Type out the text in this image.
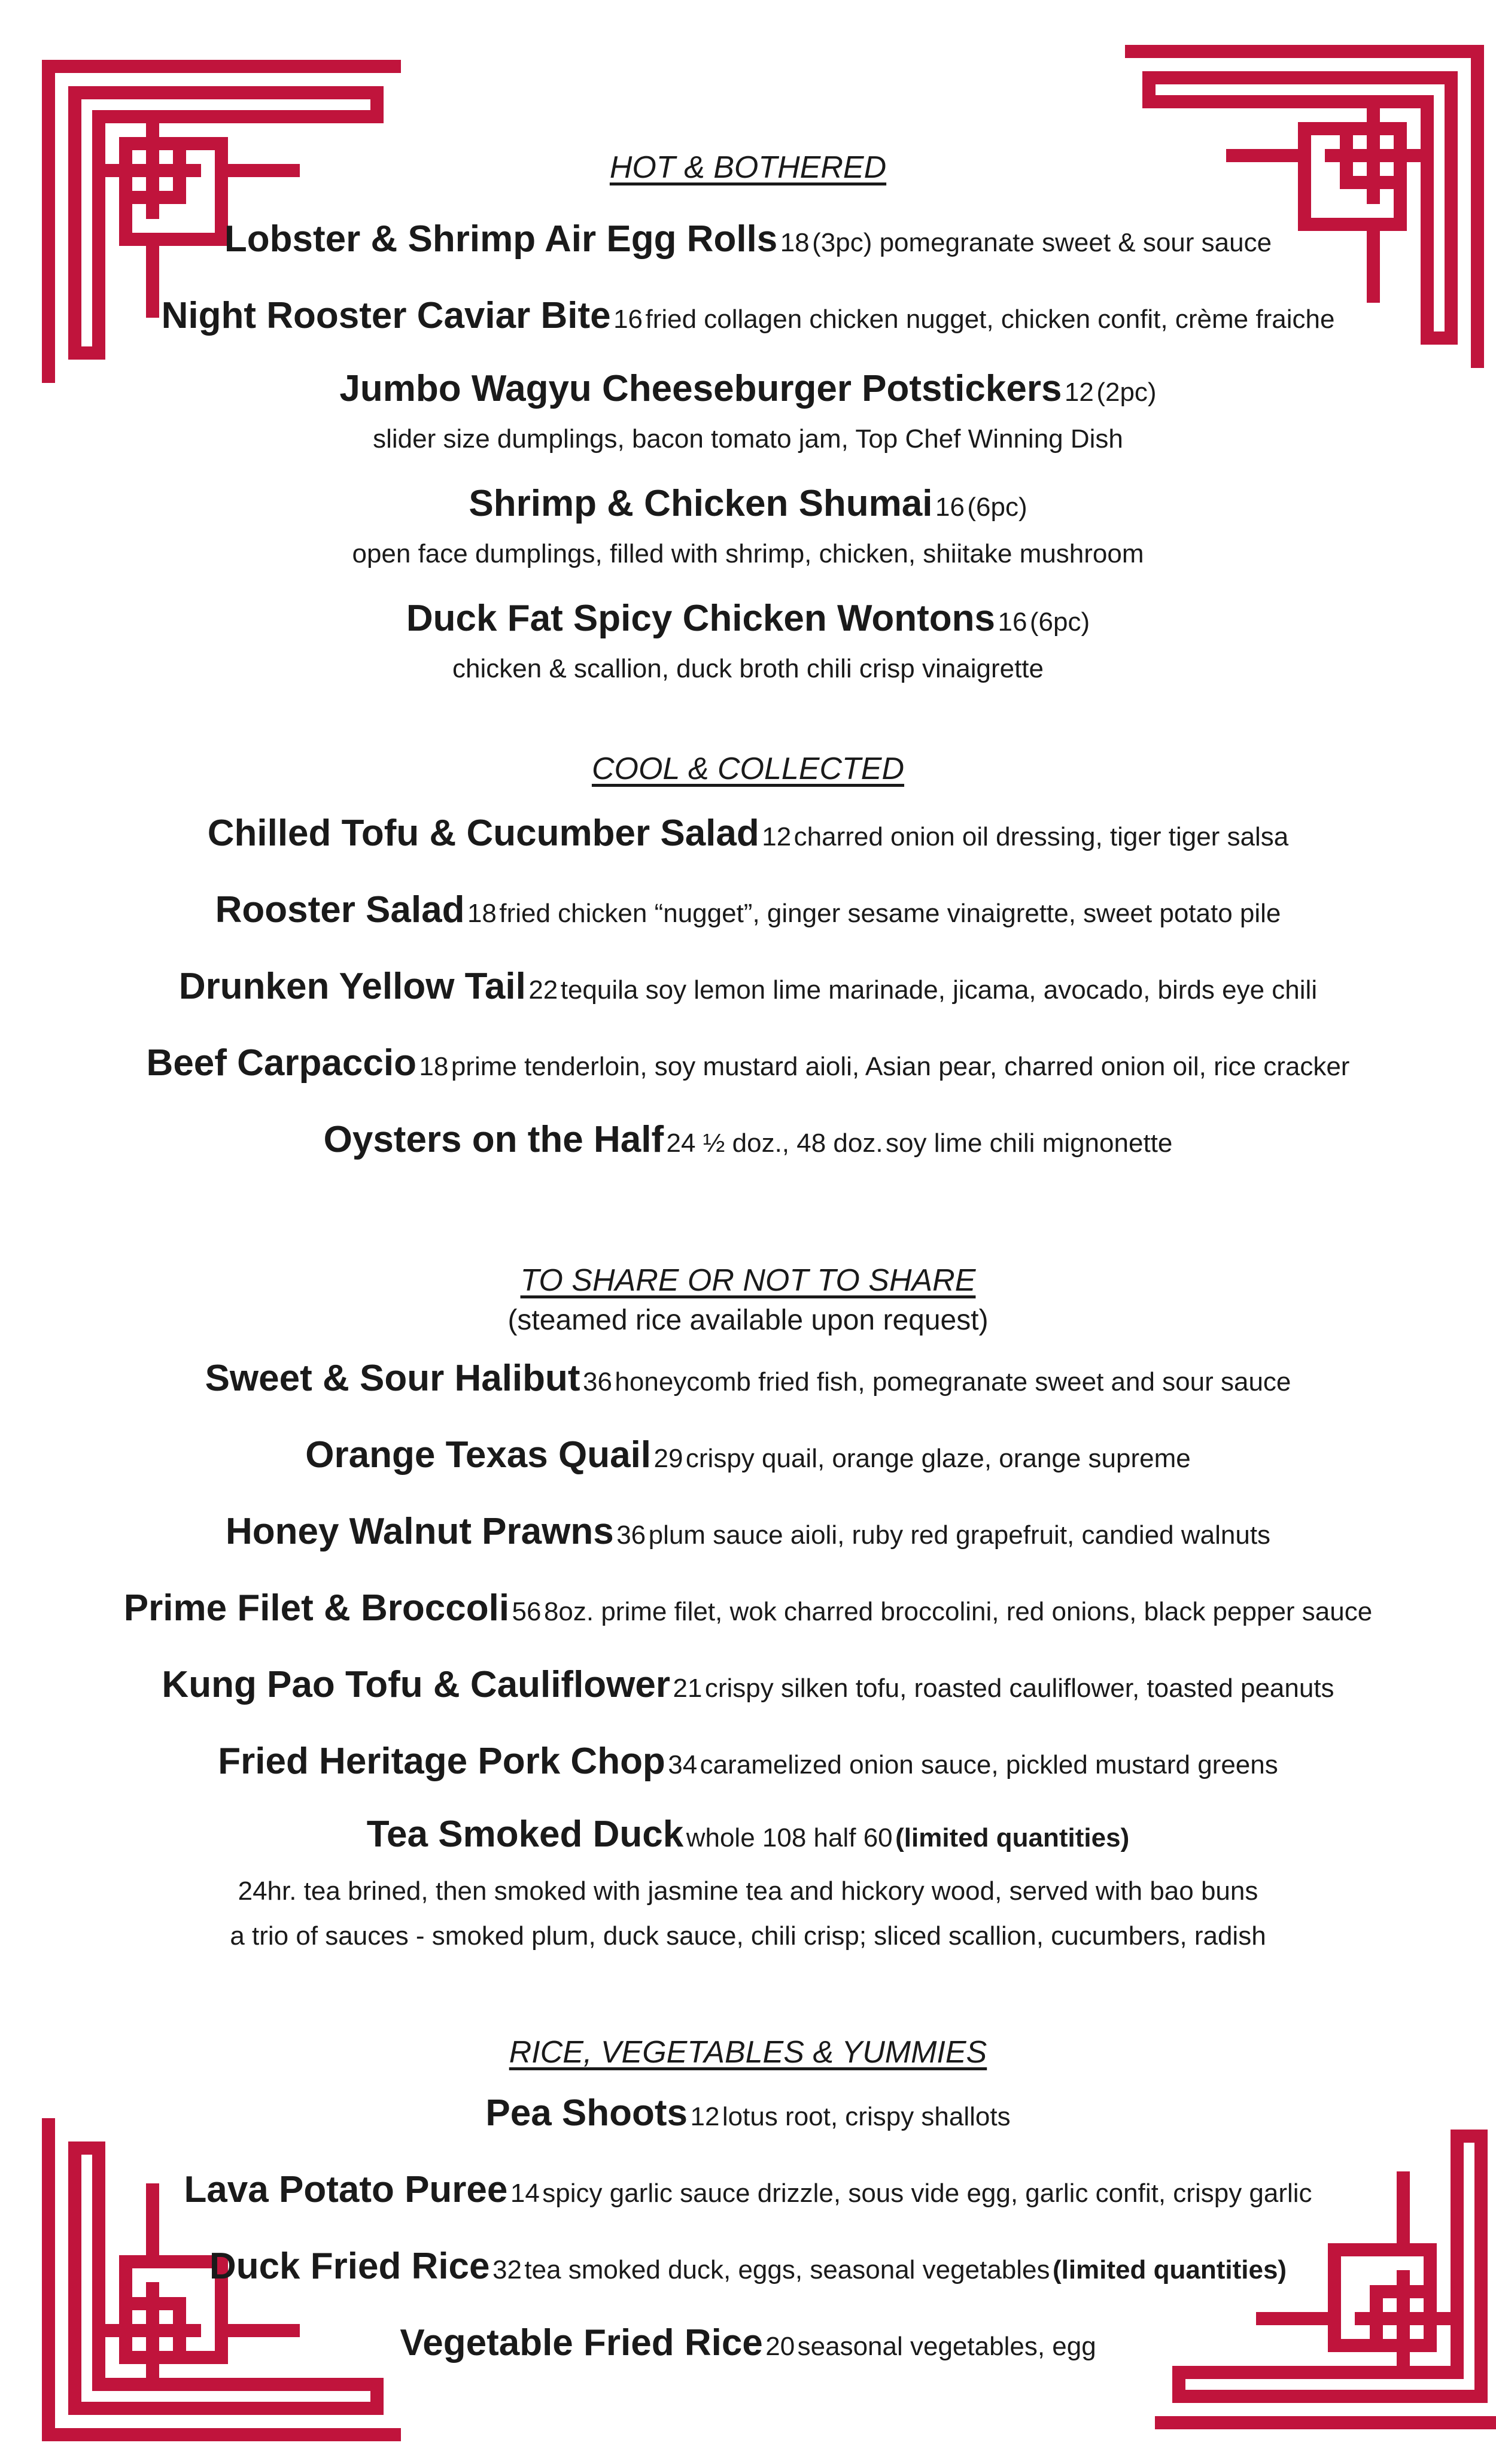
HOT & BOTHERED

Lobster & Shrimp Air Egg Rolls 18 (3pc) pomegranate sweet & sour sauce

Night Rooster Caviar Bite 16 fried collagen chicken nugget, chicken confit, crème fraiche

Jumbo Wagyu Cheeseburger Potstickers 12 (2pc)

slider size dumplings, bacon tomato jam, Top Chef Winning Dish

Shrimp & Chicken Shumai 16 (6pc)

open face dumplings, filled with shrimp, chicken, shiitake mushroom

Duck Fat Spicy Chicken Wontons 16 (6pc)

chicken & scallion, duck broth chili crisp vinaigrette

COOL & COLLECTED

Chilled Tofu & Cucumber Salad 12 charred onion oil dressing, tiger tiger salsa

Rooster Salad 18 fried chicken “nugget”, ginger sesame vinaigrette, sweet potato pile

Drunken Yellow Tail 22 tequila soy lemon lime marinade, jicama, avocado, birds eye chili

Beef Carpaccio 18 prime tenderloin, soy mustard aioli, Asian pear, charred onion oil, rice cracker

Oysters on the Half 24 ½ doz., 48 doz. soy lime chili mignonette

TO SHARE OR NOT TO SHARE

(steamed rice available upon request)

Sweet & Sour Halibut 36 honeycomb fried fish, pomegranate sweet and sour sauce

Orange Texas Quail 29 crispy quail, orange glaze, orange supreme

Honey Walnut Prawns 36 plum sauce aioli, ruby red grapefruit, candied walnuts

Prime Filet & Broccoli 56 8oz. prime filet, wok charred broccolini, red onions, black pepper sauce

Kung Pao Tofu & Cauliflower 21 crispy silken tofu, roasted cauliflower, toasted peanuts

Fried Heritage Pork Chop 34 caramelized onion sauce, pickled mustard greens

Tea Smoked Duck whole 108 half 60 (limited quantities)

24hr. tea brined, then smoked with jasmine tea and hickory wood, served with bao buns

a trio of sauces - smoked plum, duck sauce, chili crisp; sliced scallion, cucumbers, radish

RICE, VEGETABLES & YUMMIES

Pea Shoots 12 lotus root, crispy shallots

Lava Potato Puree 14 spicy garlic sauce drizzle, sous vide egg, garlic confit, crispy garlic

Duck Fried Rice 32 tea smoked duck, eggs, seasonal vegetables (limited quantities)

Vegetable Fried Rice 20 seasonal vegetables, egg
